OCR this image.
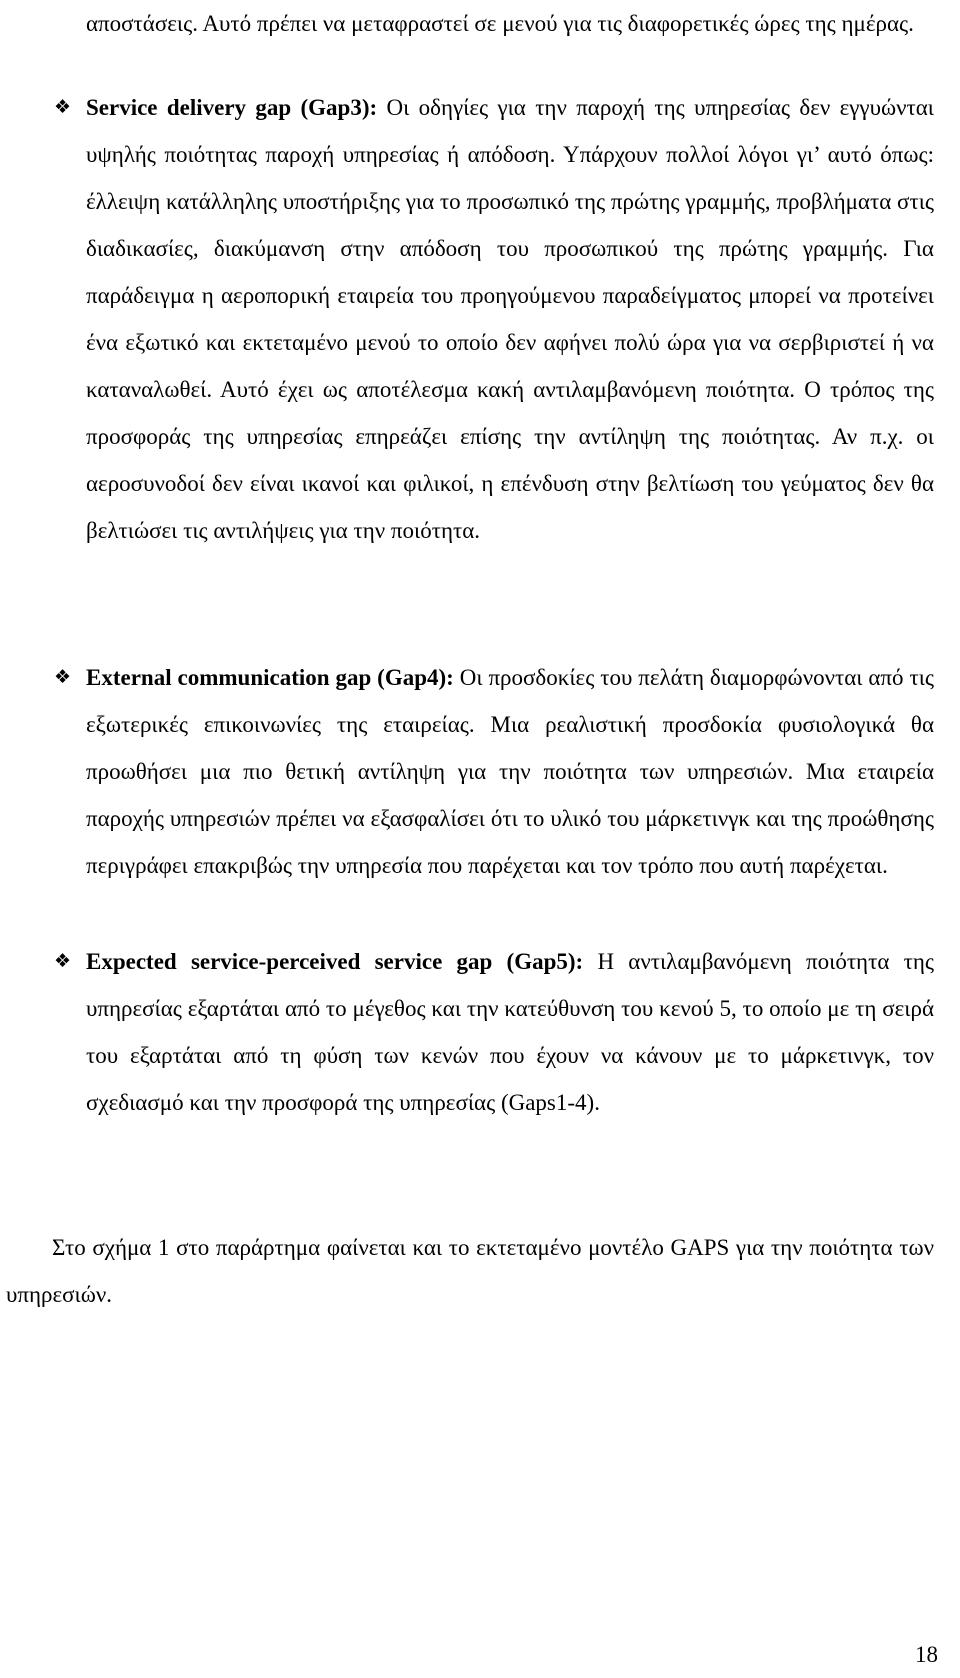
αποστάσεις. Αυτό πρέπει να μεταφραστεί σε μενού για τις διαφορετικές ώρες της ημέρας.

❖ Service delivery gap (Gap3): Οι οδηγίες για την παροχή της υπηρεσίας δεν εγγυώνται υψηλής ποιότητας παροχή υπηρεσίας ή απόδοση. Υπάρχουν πολλοί λόγοι γι’ αυτό όπως: έλλειψη κατάλληλης υποστήριξης για το προσωπικό της πρώτης γραμμής, προβλήματα στις διαδικασίες, διακύμανση στην απόδοση του προσωπικού της πρώτης γραμμής. Για παράδειγμα η αεροπορική εταιρεία του προηγούμενου παραδείγματος μπορεί να προτείνει ένα εξωτικό και εκτεταμένο μενού το οποίο δεν αφήνει πολύ ώρα για να σερβιριστεί ή να καταναλωθεί. Αυτό έχει ως αποτέλεσμα κακή αντιλαμβανόμενη ποιότητα. Ο τρόπος της προσφοράς της υπηρεσίας επηρεάζει επίσης την αντίληψη της ποιότητας. Αν π.χ. οι αεροσυνοδοί δεν είναι ικανοί και φιλικοί, η επένδυση στην βελτίωση του γεύματος δεν θα βελτιώσει τις αντιλήψεις για την ποιότητα.

❖ External communication gap (Gap4): Οι προσδοκίες του πελάτη διαμορφώνονται από τις εξωτερικές επικοινωνίες της εταιρείας. Μια ρεαλιστική προσδοκία φυσιολογικά θα προωθήσει μια πιο θετική αντίληψη για την ποιότητα των υπηρεσιών. Μια εταιρεία παροχής υπηρεσιών πρέπει να εξασφαλίσει ότι το υλικό του μάρκετινγκ και της προώθησης περιγράφει επακριβώς την υπηρεσία που παρέχεται και τον τρόπο που αυτή παρέχεται.

❖ Expected service-perceived service gap (Gap5): Η αντιλαμβανόμενη ποιότητα της υπηρεσίας εξαρτάται από το μέγεθος και την κατεύθυνση του κενού 5, το οποίο με τη σειρά του εξαρτάται από τη φύση των κενών που έχουν να κάνουν με το μάρκετινγκ, τον σχεδιασμό και την προσφορά της υπηρεσίας (Gaps1-4).

Στο σχήμα 1 στο παράρτημα φαίνεται και το εκτεταμένο μοντέλο GAPS για την ποιότητα των υπηρεσιών.

18
